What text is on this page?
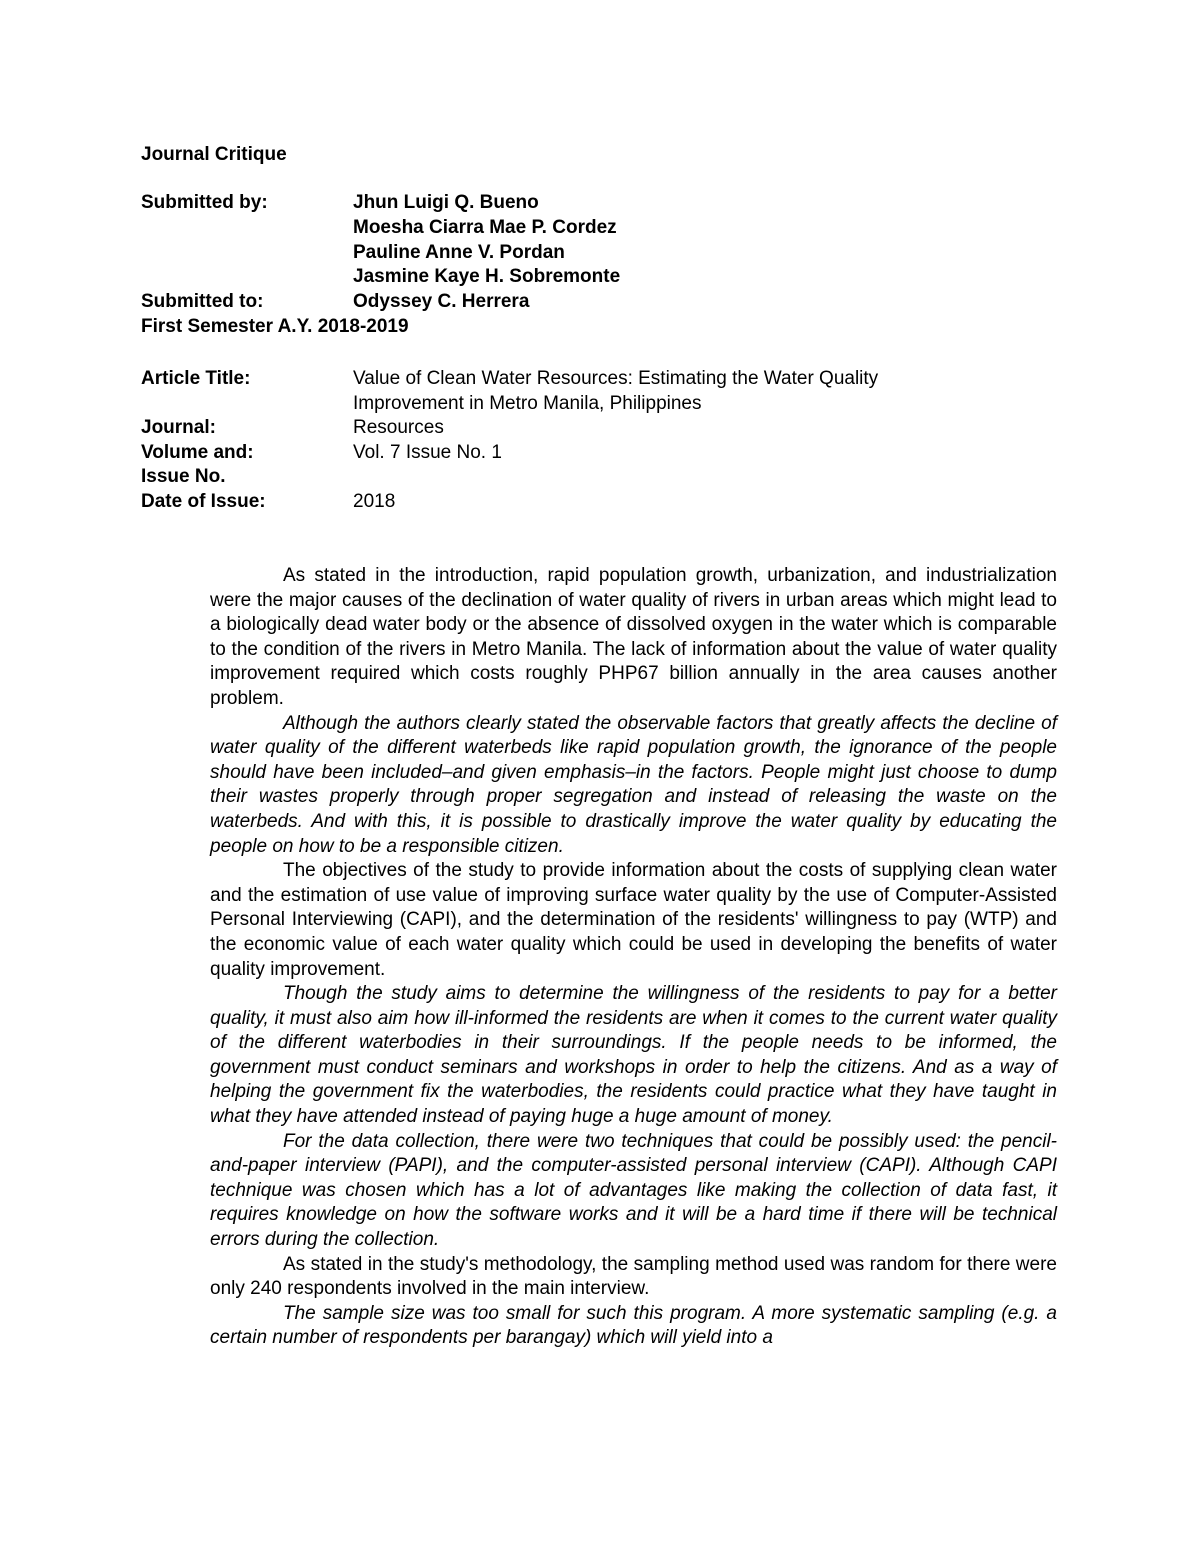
Journal Critique
Submitted by:	Jhun Luigi Q. Bueno
Moesha Ciarra Mae P. Cordez
Pauline Anne V. Pordan
Jasmine Kaye H. Sobremonte
Submitted to:	Odyssey C. Herrera
First Semester A.Y. 2018-2019
Article Title:	Value of Clean Water Resources: Estimating the Water Quality
Improvement in Metro Manila, Philippines
Journal:	Resources
Volume and:	Vol. 7 Issue No. 1
Issue No.
Date of Issue:	2018

As stated in the introduction, rapid population growth, urbanization, and industrialization were the major causes of the declination of water quality of rivers in urban areas which might lead to a biologically dead water body or the absence of dissolved oxygen in the water which is comparable to the condition of the rivers in Metro Manila. The lack of information about the value of water quality improvement required which costs roughly PHP67 billion annually in the area causes another problem.

Although the authors clearly stated the observable factors that greatly affects the decline of water quality of the different waterbeds like rapid population growth, the ignorance of the people should have been included–and given emphasis–in the factors. People might just choose to dump their wastes properly through proper segregation and instead of releasing the waste on the waterbeds. And with this, it is possible to drastically improve the water quality by educating the people on how to be a responsible citizen.

The objectives of the study to provide information about the costs of supplying clean water and the estimation of use value of improving surface water quality by the use of Computer-Assisted Personal Interviewing (CAPI), and the determination of the residents' willingness to pay (WTP) and the economic value of each water quality which could be used in developing the benefits of water quality improvement.

Though the study aims to determine the willingness of the residents to pay for a better quality, it must also aim how ill-informed the residents are when it comes to the current water quality of the different waterbodies in their surroundings. If the people needs to be informed, the government must conduct seminars and workshops in order to help the citizens. And as a way of helping the government fix the waterbodies, the residents could practice what they have taught in what they have attended instead of paying huge a huge amount of money.

For the data collection, there were two techniques that could be possibly used: the pencil-and-paper interview (PAPI), and the computer-assisted personal interview (CAPI). Although CAPI technique was chosen which has a lot of advantages like making the collection of data fast, it requires knowledge on how the software works and it will be a hard time if there will be technical errors during the collection.

As stated in the study's methodology, the sampling method used was random for there were only 240 respondents involved in the main interview.

The sample size was too small for such this program. A more systematic sampling (e.g. a certain number of respondents per barangay) which will yield into a
